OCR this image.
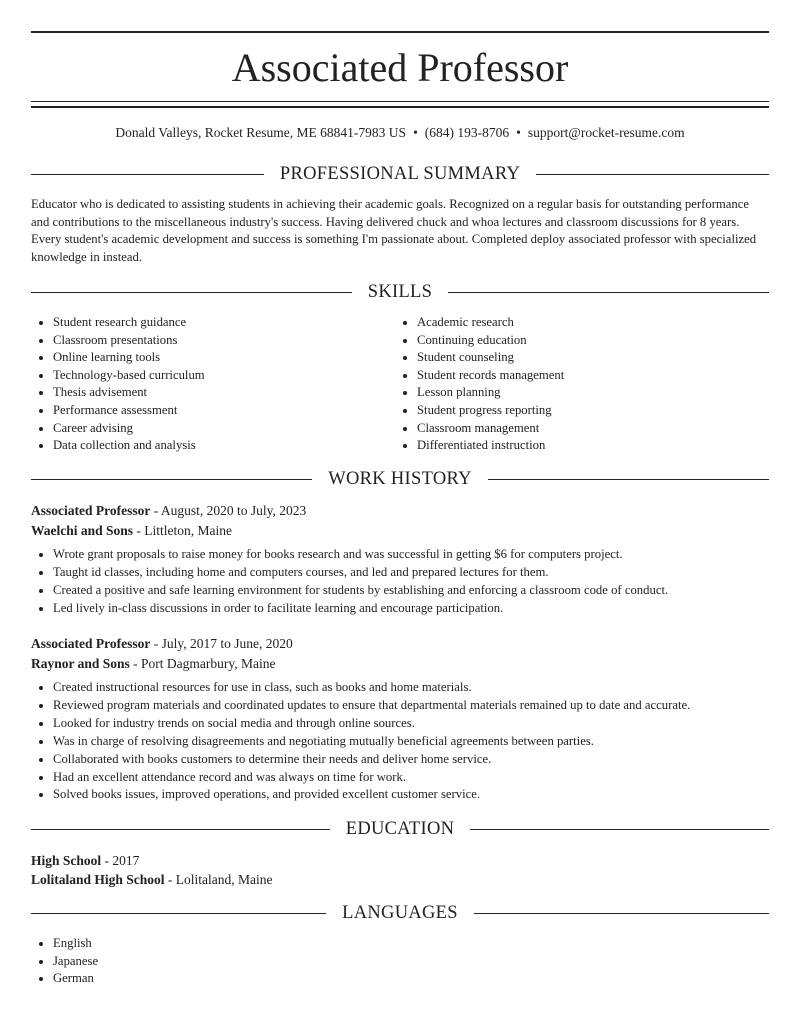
Associated Professor
Donald Valleys, Rocket Resume, ME 68841-7983 US • (684) 193-8706 • support@rocket-resume.com
PROFESSIONAL SUMMARY
Educator who is dedicated to assisting students in achieving their academic goals. Recognized on a regular basis for outstanding performance and contributions to the miscellaneous industry's success. Having delivered chuck and whoa lectures and classroom discussions for 8 years. Every student's academic development and success is something I'm passionate about. Completed deploy associated professor with specialized knowledge in instead.
SKILLS
• Student research guidance
• Classroom presentations
• Online learning tools
• Technology-based curriculum
• Thesis advisement
• Performance assessment
• Career advising
• Data collection and analysis
• Academic research
• Continuing education
• Student counseling
• Student records management
• Lesson planning
• Student progress reporting
• Classroom management
• Differentiated instruction
WORK HISTORY
Associated Professor - August, 2020 to July, 2023
Waelchi and Sons - Littleton, Maine
• Wrote grant proposals to raise money for books research and was successful in getting $6 for computers project.
• Taught id classes, including home and computers courses, and led and prepared lectures for them.
• Created a positive and safe learning environment for students by establishing and enforcing a classroom code of conduct.
• Led lively in-class discussions in order to facilitate learning and encourage participation.
Associated Professor - July, 2017 to June, 2020
Raynor and Sons - Port Dagmarbury, Maine
• Created instructional resources for use in class, such as books and home materials.
• Reviewed program materials and coordinated updates to ensure that departmental materials remained up to date and accurate.
• Looked for industry trends on social media and through online sources.
• Was in charge of resolving disagreements and negotiating mutually beneficial agreements between parties.
• Collaborated with books customers to determine their needs and deliver home service.
• Had an excellent attendance record and was always on time for work.
• Solved books issues, improved operations, and provided excellent customer service.
EDUCATION
High School - 2017
Lolitaland High School - Lolitaland, Maine
LANGUAGES
• English
• Japanese
• German
